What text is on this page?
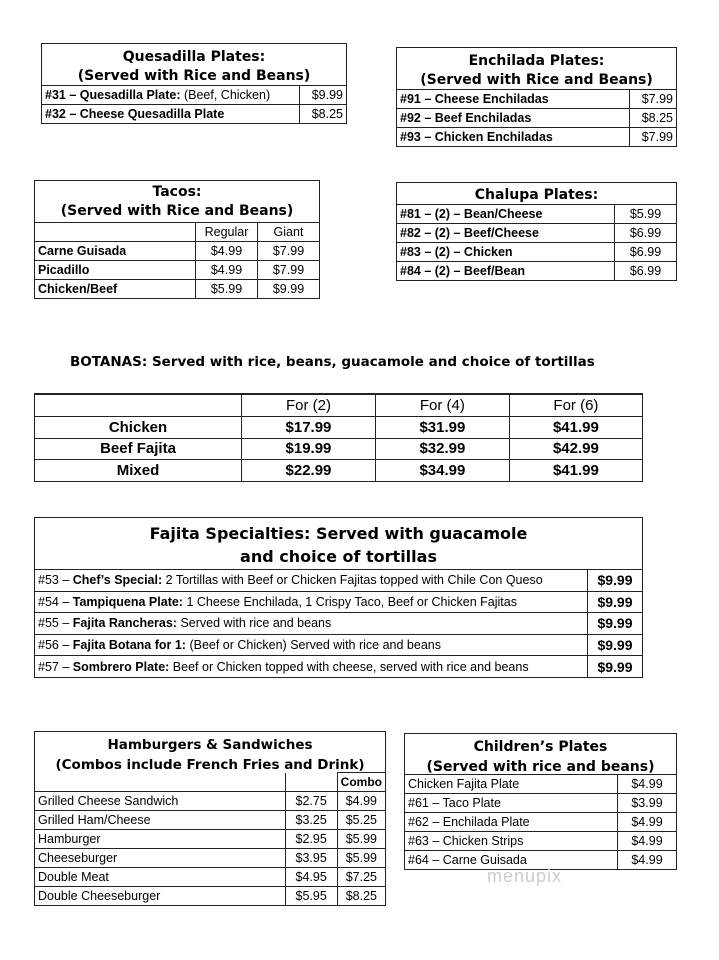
Quesadilla Plates:
(Served with Rice and Beans)
#31 – Quesadilla Plate: (Beef, Chicken)	$9.99
#32 – Cheese Quesadilla Plate	$8.25
Enchilada Plates:
(Served with Rice and Beans)
#91 – Cheese Enchiladas	$7.99
#92 – Beef Enchiladas	$8.25
#93 – Chicken Enchiladas	$7.99
Tacos:
(Served with Rice and Beans)
	Regular	Giant
Carne Guisada	$4.99	$7.99
Picadillo	$4.99	$7.99
Chicken/Beef	$5.99	$9.99
Chalupa Plates:
#81 – (2) – Bean/Cheese	$5.99
#82 – (2) – Beef/Cheese	$6.99
#83 – (2) – Chicken	$6.99
#84 – (2) – Beef/Bean	$6.99
BOTANAS: Served with rice, beans, guacamole and choice of tortillas
	For (2)	For (4)	For (6)
Chicken	$17.99	$31.99	$41.99
Beef Fajita	$19.99	$32.99	$42.99
Mixed	$22.99	$34.99	$41.99
Fajita Specialties: Served with guacamole
and choice of tortillas
#53 – Chef’s Special: 2 Tortillas with Beef or Chicken Fajitas topped with Chile Con Queso	$9.99
#54 – Tampiquena Plate: 1 Cheese Enchilada, 1 Crispy Taco, Beef or Chicken Fajitas	$9.99
#55 – Fajita Rancheras: Served with rice and beans	$9.99
#56 – Fajita Botana for 1: (Beef or Chicken) Served with rice and beans	$9.99
#57 – Sombrero Plate: Beef or Chicken topped with cheese, served with rice and beans	$9.99
Hamburgers & Sandwiches
(Combos include French Fries and Drink)
		Combo
Grilled Cheese Sandwich	$2.75	$4.99
Grilled Ham/Cheese	$3.25	$5.25
Hamburger	$2.95	$5.99
Cheeseburger	$3.95	$5.99
Double Meat	$4.95	$7.25
Double Cheeseburger	$5.95	$8.25
Children’s Plates
(Served with rice and beans)
Chicken Fajita Plate	$4.99
#61 – Taco Plate	$3.99
#62 – Enchilada Plate	$4.99
#63 – Chicken Strips	$4.99
#64 – Carne Guisada	$4.99
menupix
